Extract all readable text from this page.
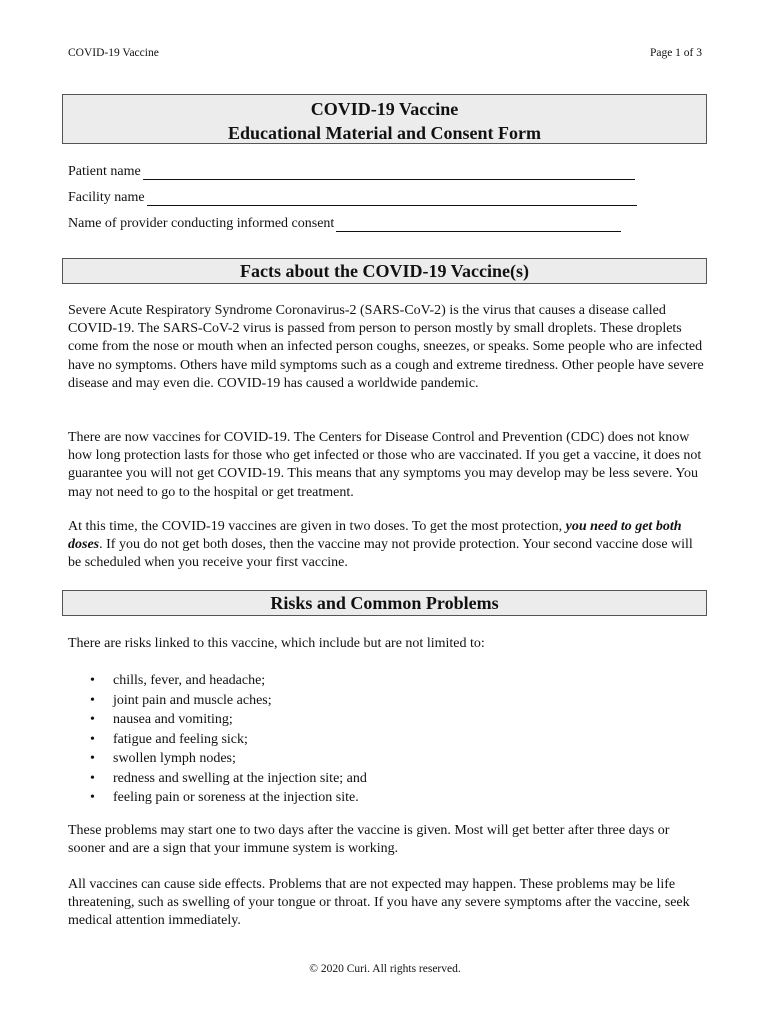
COVID-19 Vaccine	Page 1 of 3
COVID-19 Vaccine
Educational Material and Consent Form
Patient name
Facility name
Name of provider conducting informed consent
Facts about the COVID-19 Vaccine(s)

Severe Acute Respiratory Syndrome Coronavirus-2 (SARS-CoV-2) is the virus that causes a disease called COVID-19. The SARS-CoV-2 virus is passed from person to person mostly by small droplets. These droplets come from the nose or mouth when an infected person coughs, sneezes, or speaks. Some people who are infected have no symptoms. Others have mild symptoms such as a cough and extreme tiredness. Other people have severe disease and may even die. COVID-19 has caused a worldwide pandemic.

There are now vaccines for COVID-19. The Centers for Disease Control and Prevention (CDC) does not know how long protection lasts for those who get infected or those who are vaccinated. If you get a vaccine, it does not guarantee you will not get COVID-19. This means that any symptoms you may develop may be less severe. You may not need to go to the hospital or get treatment.

At this time, the COVID-19 vaccines are given in two doses. To get the most protection, you need to get both doses. If you do not get both doses, then the vaccine may not provide protection. Your second vaccine dose will be scheduled when you receive your first vaccine.

Risks and Common Problems

There are risks linked to this vaccine, which include but are not limited to:

• chills, fever, and headache;
• joint pain and muscle aches;
• nausea and vomiting;
• fatigue and feeling sick;
• swollen lymph nodes;
• redness and swelling at the injection site; and
• feeling pain or soreness at the injection site.

These problems may start one to two days after the vaccine is given. Most will get better after three days or sooner and are a sign that your immune system is working.

All vaccines can cause side effects. Problems that are not expected may happen. These problems may be life threatening, such as swelling of your tongue or throat. If you have any severe symptoms after the vaccine, seek medical attention immediately.

© 2020 Curi. All rights reserved.
